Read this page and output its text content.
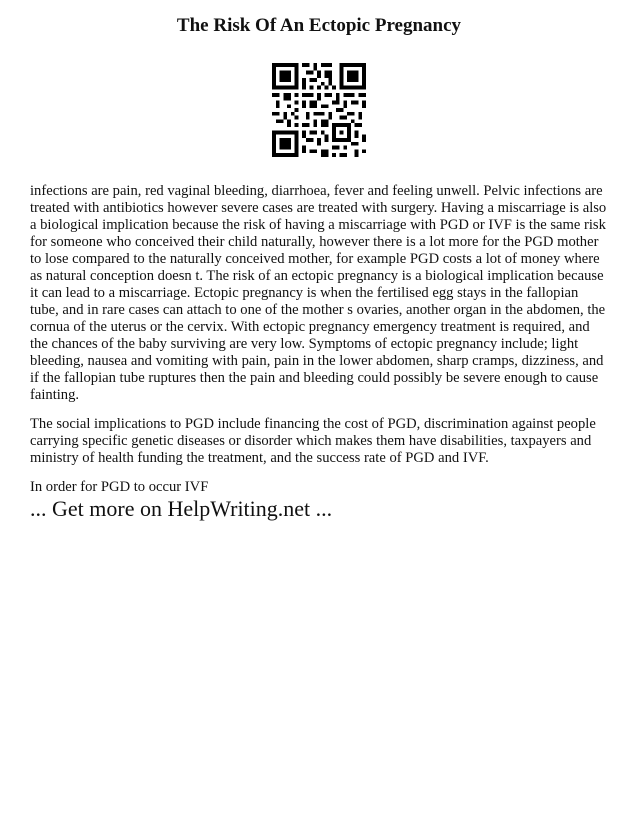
The Risk Of An Ectopic Pregnancy

infections are pain, red vaginal bleeding, diarrhoea, fever and feeling unwell. Pelvic infections are treated with antibiotics however severe cases are treated with surgery. Having a miscarriage is also a biological implication because the risk of having a miscarriage with PGD or IVF is the same risk for someone who conceived their child naturally, however there is a lot more for the PGD mother to lose compared to the naturally conceived mother, for example PGD costs a lot of money where as natural conception doesn t. The risk of an ectopic pregnancy is a biological implication because it can lead to a miscarriage. Ectopic pregnancy is when the fertilised egg stays in the fallopian tube, and in rare cases can attach to one of the mother s ovaries, another organ in the abdomen, the cornua of the uterus or the cervix. With ectopic pregnancy emergency treatment is required, and the chances of the baby surviving are very low. Symptoms of ectopic pregnancy include; light bleeding, nausea and vomiting with pain, pain in the lower abdomen, sharp cramps, dizziness, and if the fallopian tube ruptures then the pain and bleeding could possibly be severe enough to cause fainting.

The social implications to PGD include financing the cost of PGD, discrimination against people carrying specific genetic diseases or disorder which makes them have disabilities, taxpayers and ministry of health funding the treatment, and the success rate of PGD and IVF.

In order for PGD to occur IVF

... Get more on HelpWriting.net ...
